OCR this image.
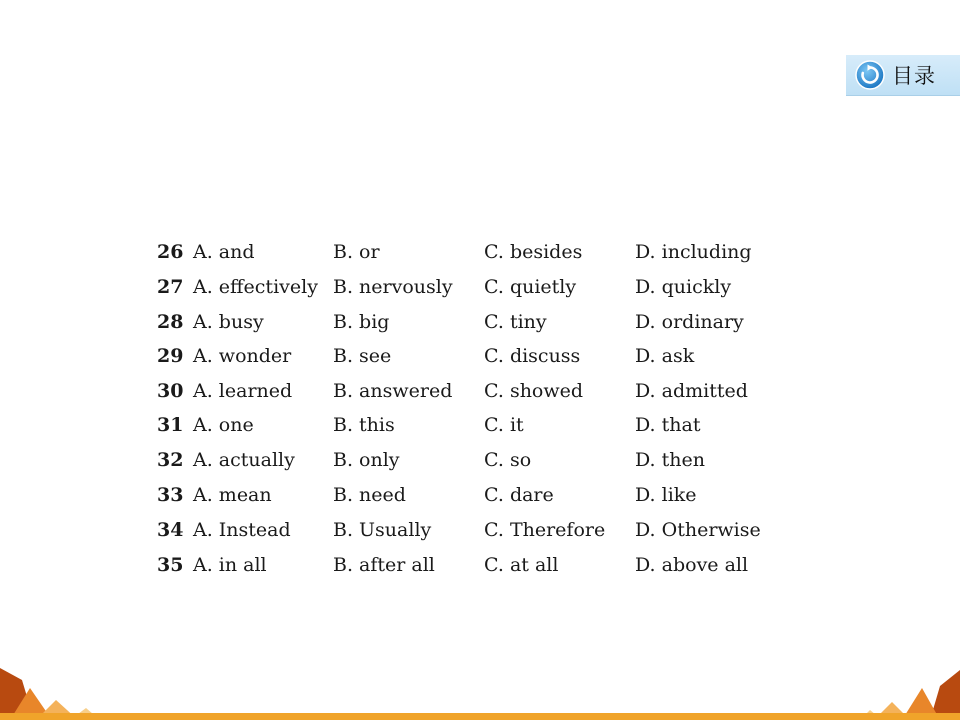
目录
26 A. and	B. or	C. besides	D. including
27 A. effectively B. nervously C. quietly	D. quickly
28 A. busy	B. big	C. tiny	D. ordinary
29 A. wonder B. see	C. discuss	D. ask
30 A. learned B. answered C. showed	D. admitted
31 A. one	B. this	C. it	D. that
32 A. actually B. only	C. so	D. then
33 A. mean	B. need	C. dare	D. like
34 A. Instead B. Usually	C. Therefore D. Otherwise
35 A. in all	B. after all	C. at all	D. above all
